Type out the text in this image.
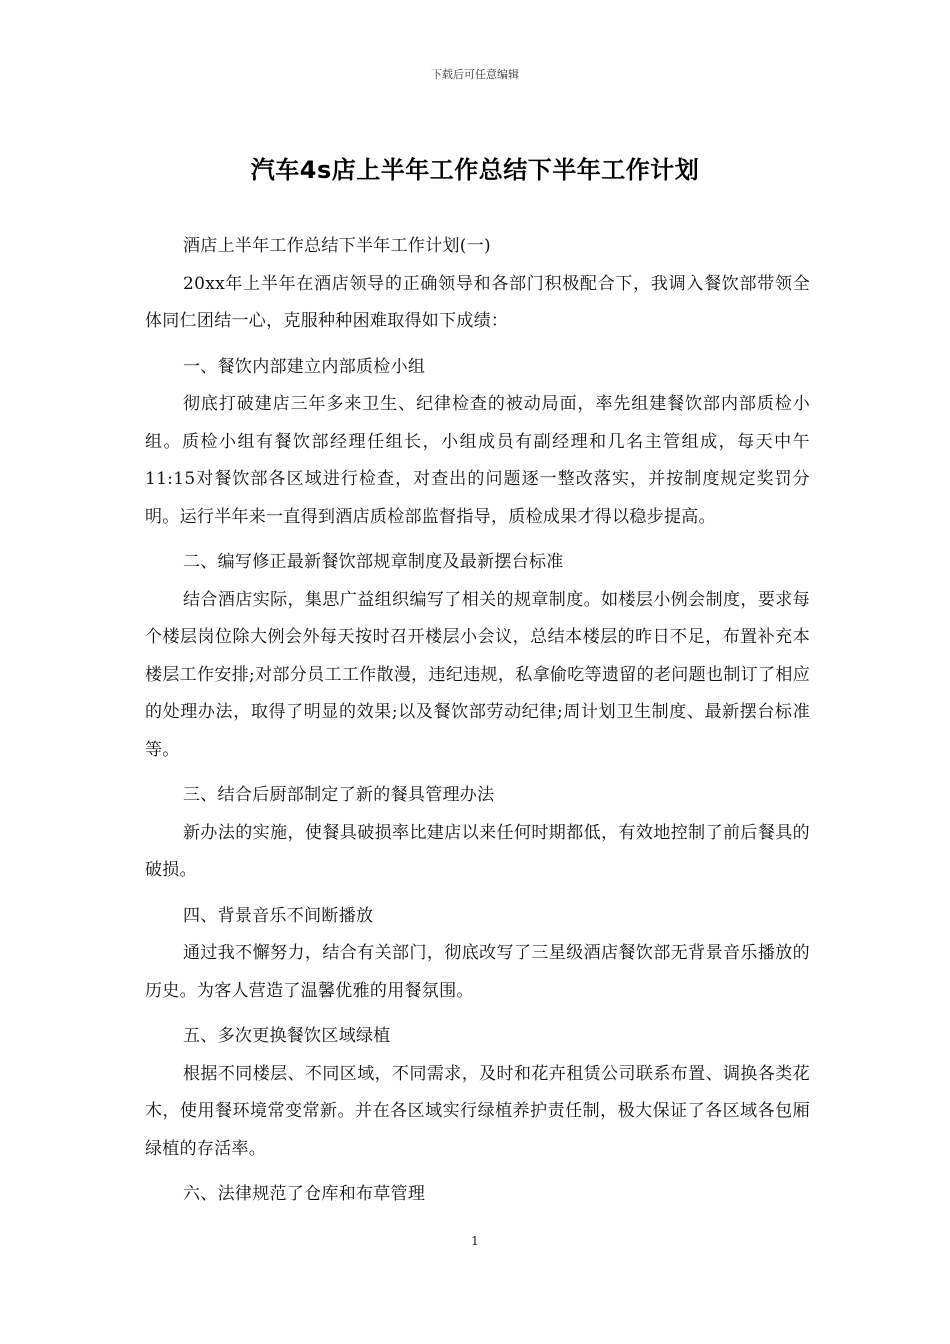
下载后可任意编辑
汽车4s店上半年工作总结下半年工作计划

酒店上半年工作总结下半年工作计划(一)

20xx年上半年在酒店领导的正确领导和各部门积极配合下，我调入餐饮部带领全体同仁团结一心，克服种种困难取得如下成绩：

一、餐饮内部建立内部质检小组

彻底打破建店三年多来卫生、纪律检查的被动局面，率先组建餐饮部内部质检小组。质检小组有餐饮部经理任组长，小组成员有副经理和几名主管组成，每天中午11:15对餐饮部各区域进行检查，对查出的问题逐一整改落实，并按制度规定奖罚分明。运行半年来一直得到酒店质检部监督指导，质检成果才得以稳步提高。

二、编写修正最新餐饮部规章制度及最新摆台标准

结合酒店实际，集思广益组织编写了相关的规章制度。如楼层小例会制度，要求每个楼层岗位除大例会外每天按时召开楼层小会议，总结本楼层的昨日不足，布置补充本楼层工作安排;对部分员工工作散漫，违纪违规，私拿偷吃等遗留的老问题也制订了相应的处理办法，取得了明显的效果;以及餐饮部劳动纪律;周计划卫生制度、最新摆台标准等。

三、结合后厨部制定了新的餐具管理办法

新办法的实施，使餐具破损率比建店以来任何时期都低，有效地控制了前后餐具的破损。

四、背景音乐不间断播放

通过我不懈努力，结合有关部门，彻底改写了三星级酒店餐饮部无背景音乐播放的历史。为客人营造了温馨优雅的用餐氛围。

五、多次更换餐饮区域绿植

根据不同楼层、不同区域，不同需求，及时和花卉租赁公司联系布置、调换各类花木，使用餐环境常变常新。并在各区域实行绿植养护责任制，极大保证了各区域各包厢绿植的存活率。

六、法律规范了仓库和布草管理

1
